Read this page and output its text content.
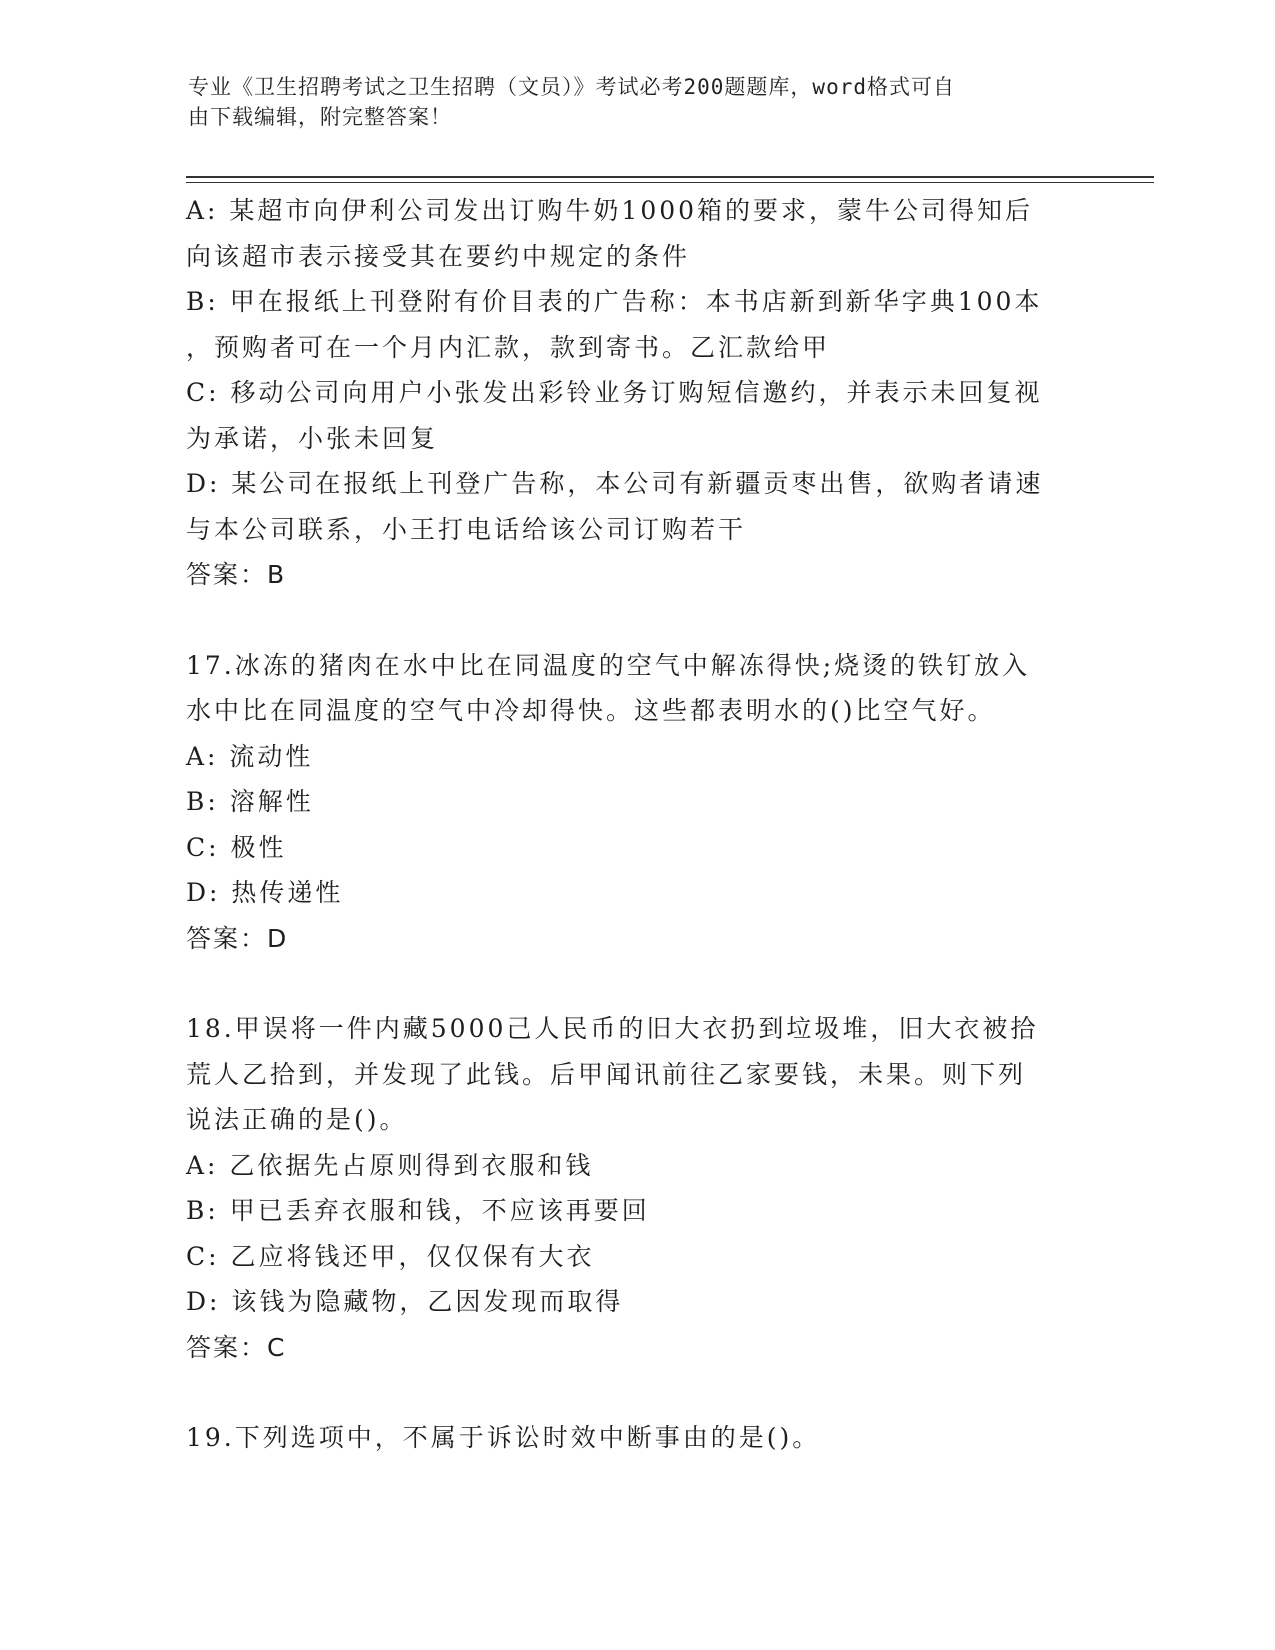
专业《卫生招聘考试之卫生招聘（文员）》考试必考200题题库，word格式可自
由下载编辑，附完整答案！

A: 某超市向伊利公司发出订购牛奶1000箱的要求，蒙牛公司得知后

向该超市表示接受其在要约中规定的条件

B: 甲在报纸上刊登附有价目表的广告称：本书店新到新华字典100本

，预购者可在一个月内汇款，款到寄书。乙汇款给甲

C: 移动公司向用户小张发出彩铃业务订购短信邀约，并表示未回复视

为承诺，小张未回复

D: 某公司在报纸上刊登广告称，本公司有新疆贡枣出售，欲购者请速

与本公司联系，小王打电话给该公司订购若干

答案：B

17.冰冻的猪肉在水中比在同温度的空气中解冻得快;烧烫的铁钉放入

水中比在同温度的空气中冷却得快。这些都表明水的()比空气好。

A: 流动性

B: 溶解性

C: 极性

D: 热传递性

答案：D

18.甲误将一件内藏5000己人民币的旧大衣扔到垃圾堆，旧大衣被拾

荒人乙拾到，并发现了此钱。后甲闻讯前往乙家要钱，未果。则下列

说法正确的是()。

A: 乙依据先占原则得到衣服和钱

B: 甲已丢弃衣服和钱，不应该再要回

C: 乙应将钱还甲，仅仅保有大衣

D: 该钱为隐藏物，乙因发现而取得

答案：C

19.下列选项中，不属于诉讼时效中断事由的是()。
